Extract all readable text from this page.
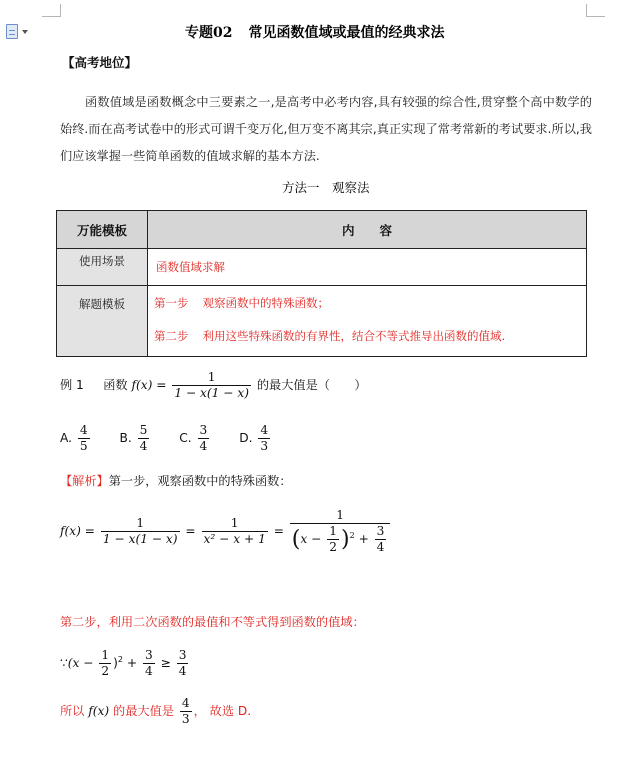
专题02 常见函数值域或最值的经典求法
【高考地位】
函数值域是函数概念中三要素之一,是高考中必考内容,具有较强的综合性,贯穿整个高中数学的始终.而在高考试卷中的形式可谓千变万化,但万变不离其宗,真正实现了常考常新的考试要求.所以,我们应该掌握一些简单函数的值域求解的基本方法.
方法一　观察法
万能模板	内　　容

使用场景	函数值域求解

解题模板	第一步 观察函数中的特殊函数；
第二步 利用这些特殊函数的有界性，结合不等式推导出函数的值域.
例 1 函数 $f(x) = \frac{1}{1 - x(1 - x)}$ 的最大值是（　　）
A. $\frac{4}{5} B$. $\frac{5}{4} C$. $\frac{3}{4} D$. $\frac{4}{3}$
【解析】第一步，观察函数中的特殊函数：
$f(x) = \frac{1}{1 - x(1 - x)} = \frac{1}{\text{x² − x + 1}} = \frac{1}{(x - \frac{1}{2} )^2 + \frac{3}{4}}$
第二步，利用二次函数的最值和不等式得到函数的值域：
∵(x − $\frac{1}{2} )^2 + \frac{3}{4} \ge \frac{3}{4}$
所以 f(x) 的最大值是 $\frac{4}{3}$ ， 故选 D.
